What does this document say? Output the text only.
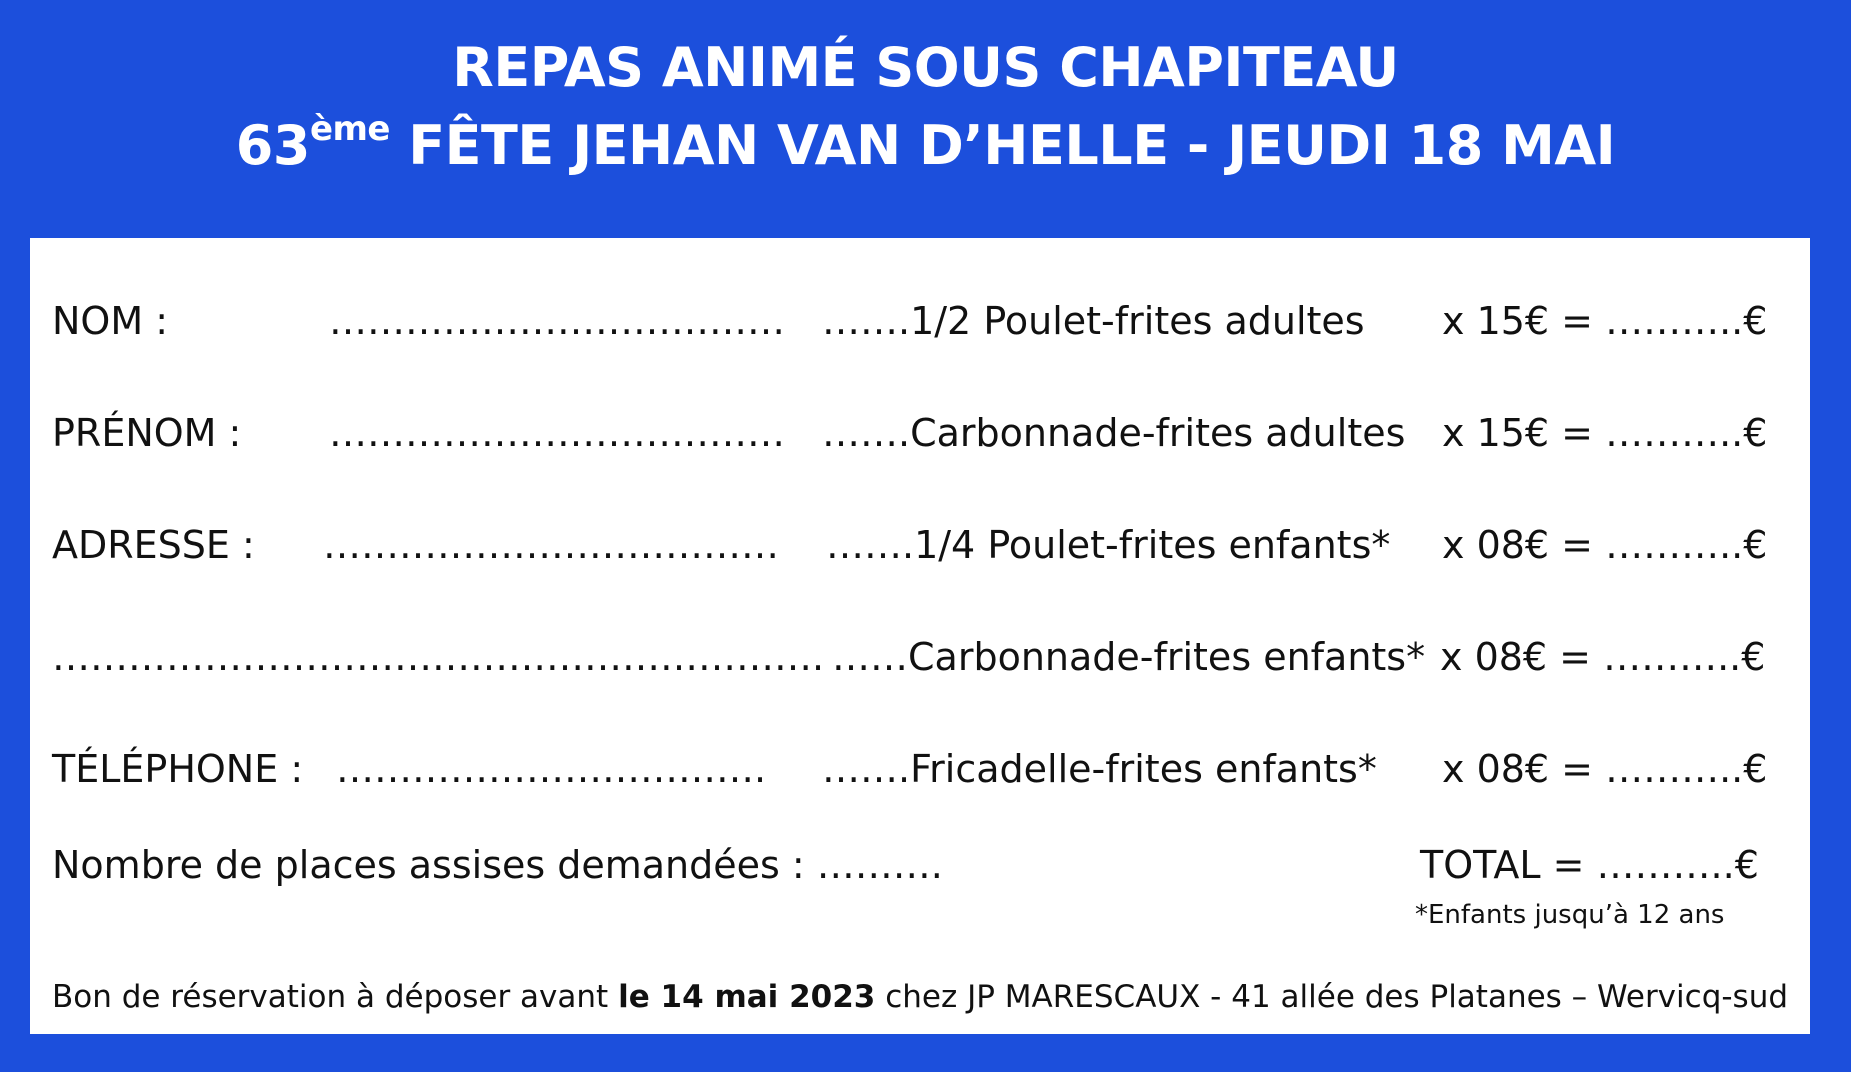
REPAS ANIMÉ SOUS CHAPITEAU
63ème FÊTE JEHAN VAN D’HELLE - JEUDI 18 MAI
NOM :	……………………………… …….1/2 Poulet-frites adultes x 15€ = ………..€
PRÉNOM : ……………………………… …….Carbonnade-frites adultes x 15€ = ………..€
ADRESSE : ……………………………… …….1/4 Poulet-frites enfants* x 08€ = ………..€
……………………………………………………. ……Carbonnade-frites enfants* x 08€ = ………..€
TÉLÉPHONE : ……………………………. …….Fricadelle-frites enfants* x 08€ = ………..€
Nombre de places assises demandées : ……….	TOTAL = ………..€
*Enfants jusqu’à 12 ans
Bon de réservation à déposer avant le 14 mai 2023 chez JP MARESCAUX - 41 allée des Platanes – Wervicq-sud
